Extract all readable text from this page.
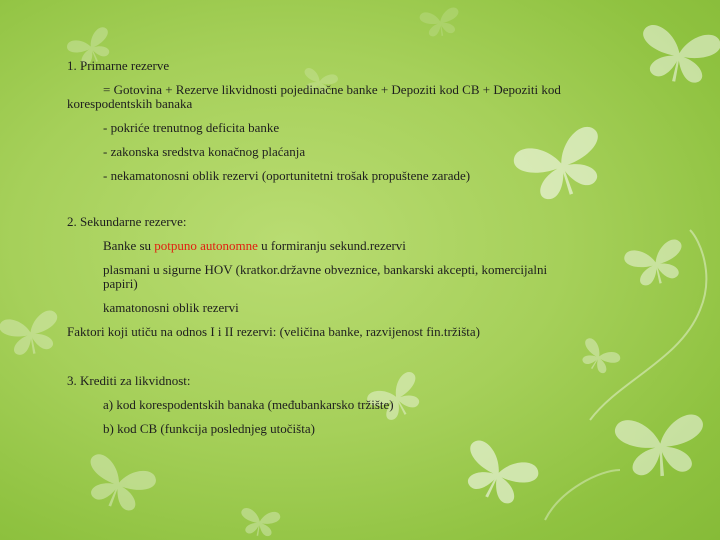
1. Primarne rezerve
= Gotovina + Rezerve likvidnosti pojedinačne banke + Depoziti kod CB + Depoziti kod korespodentskih banaka
- pokriće trenutnog deficita banke
- zakonska sredstva konačnog plaćanja
- nekamatonosni oblik rezervi (oportunitetni trošak propuštene zarade)
2. Sekundarne rezerve:
Banke su potpuno autonomne u formiranju sekund.rezervi
plasmani u sigurne HOV (kratkor.državne obveznice, bankarski akcepti, komercijalni papiri)
kamatonosni oblik rezervi
Faktori koji utiču na odnos I i II rezervi: (veličina banke, razvijenost fin.tržišta)
3. Krediti za likvidnost:
a) kod korespodentskih banaka (međubankarsko tržište)
b) kod CB (funkcija poslednjeg utočišta)
